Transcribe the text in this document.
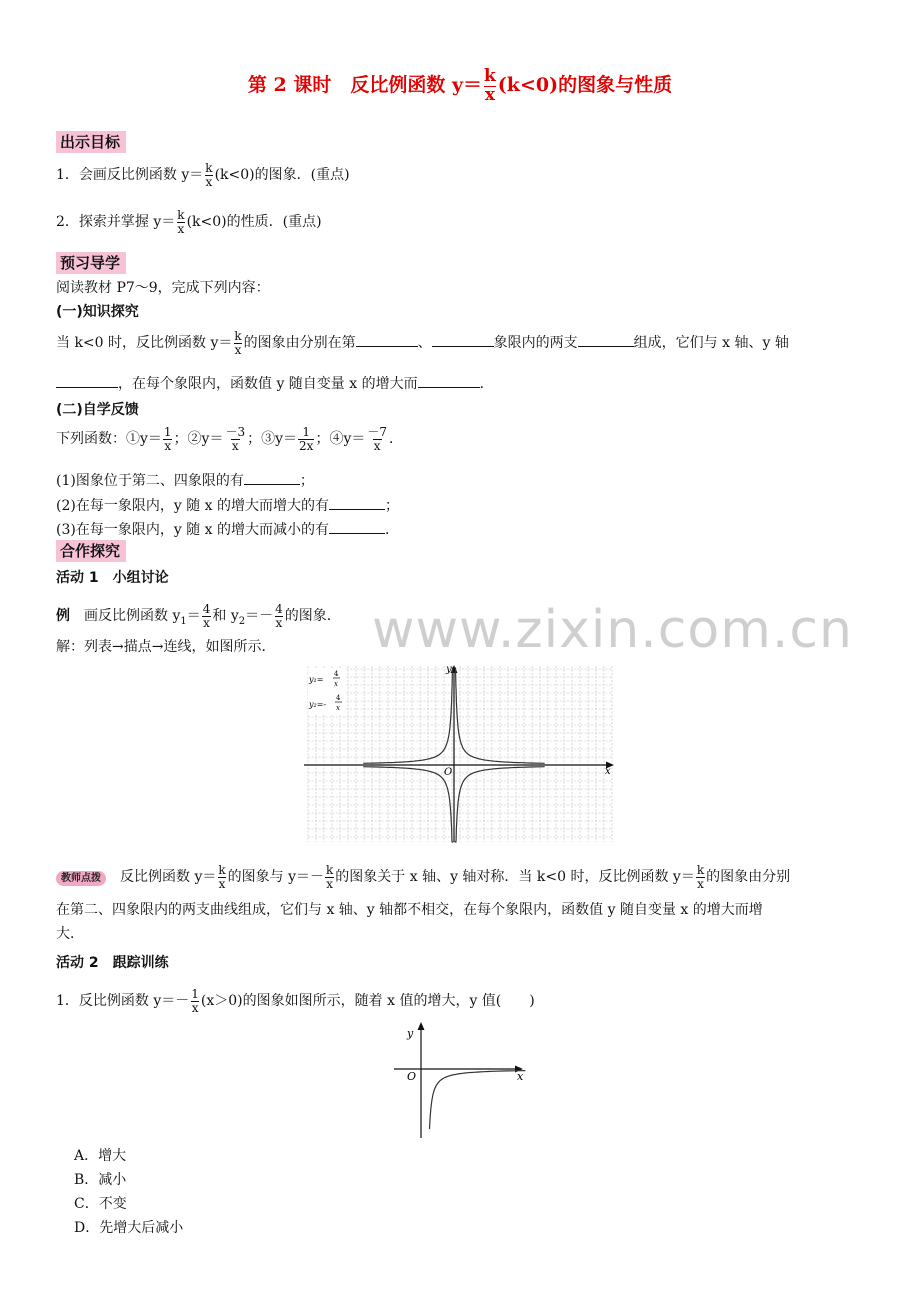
第 2 课时　反比例函数 $y= \frac{k}{x} (k<0)$的图象与性质
出示目标
1．会画反比例函数 $y= \frac{k}{x} (k<0)$的图象．(重点)
2．探索并掌握 $y= \frac{k}{x} (k<0)$的性质．(重点)
预习导学
阅读教材 P7～9，完成下列内容：
(一)知识探究
当 k<0 时，反比例函数 $y= \frac{k}{x}$ 的图象由分别在第	、	象限内的两支	组成，它们与 x 轴、y 轴
，在每个象限内，函数值 y 随自变量 x 的增大而	．
(二)自学反馈
下列函数：①y＝ $\frac{1}{x}$ ；②y＝ $\frac{-3}{x}$ ；③y＝ $\frac{1}{2x}$ ；④y＝ $\frac{-7}{x}$ ．
(1)图象位于第二、四象限的有	；
(2)在每一象限内，y 随 x 的增大而增大的有	；
(3)在每一象限内，y 随 x 的增大而减小的有	．
合作探究
活动 1　小组讨论
例　画反比例函数 $y_1= \frac{4}{x}$ 和 $y_2=- \frac{4}{x}$ 的图象．
解：列表→描点→连线，如图所示． www.zixin.com.cn
y
x
O
y₁=
4
x
y₂=-
4
x
教师点拨　反比例函数 $y= \frac{k}{x}$ 的图象与 $y=- \frac{k}{x}$ 的图象关于 x 轴、y 轴对称．当 k<0 时，反比例函数 $y= \frac{k}{x}$ 的图象由分别
在第二、四象限内的两支曲线组成，它们与 x 轴、y 轴都不相交，在每个象限内，函数值 y 随自变量 x 的增大而增
大．
活动 2　跟踪训练
1．反比例函数 $y=- \frac{1}{x} (x>0)$的图象如图所示，随着 x 值的增大，y 值(　　)
y
x
O
A．增大
B．减小
C．不变
D．先增大后减小
